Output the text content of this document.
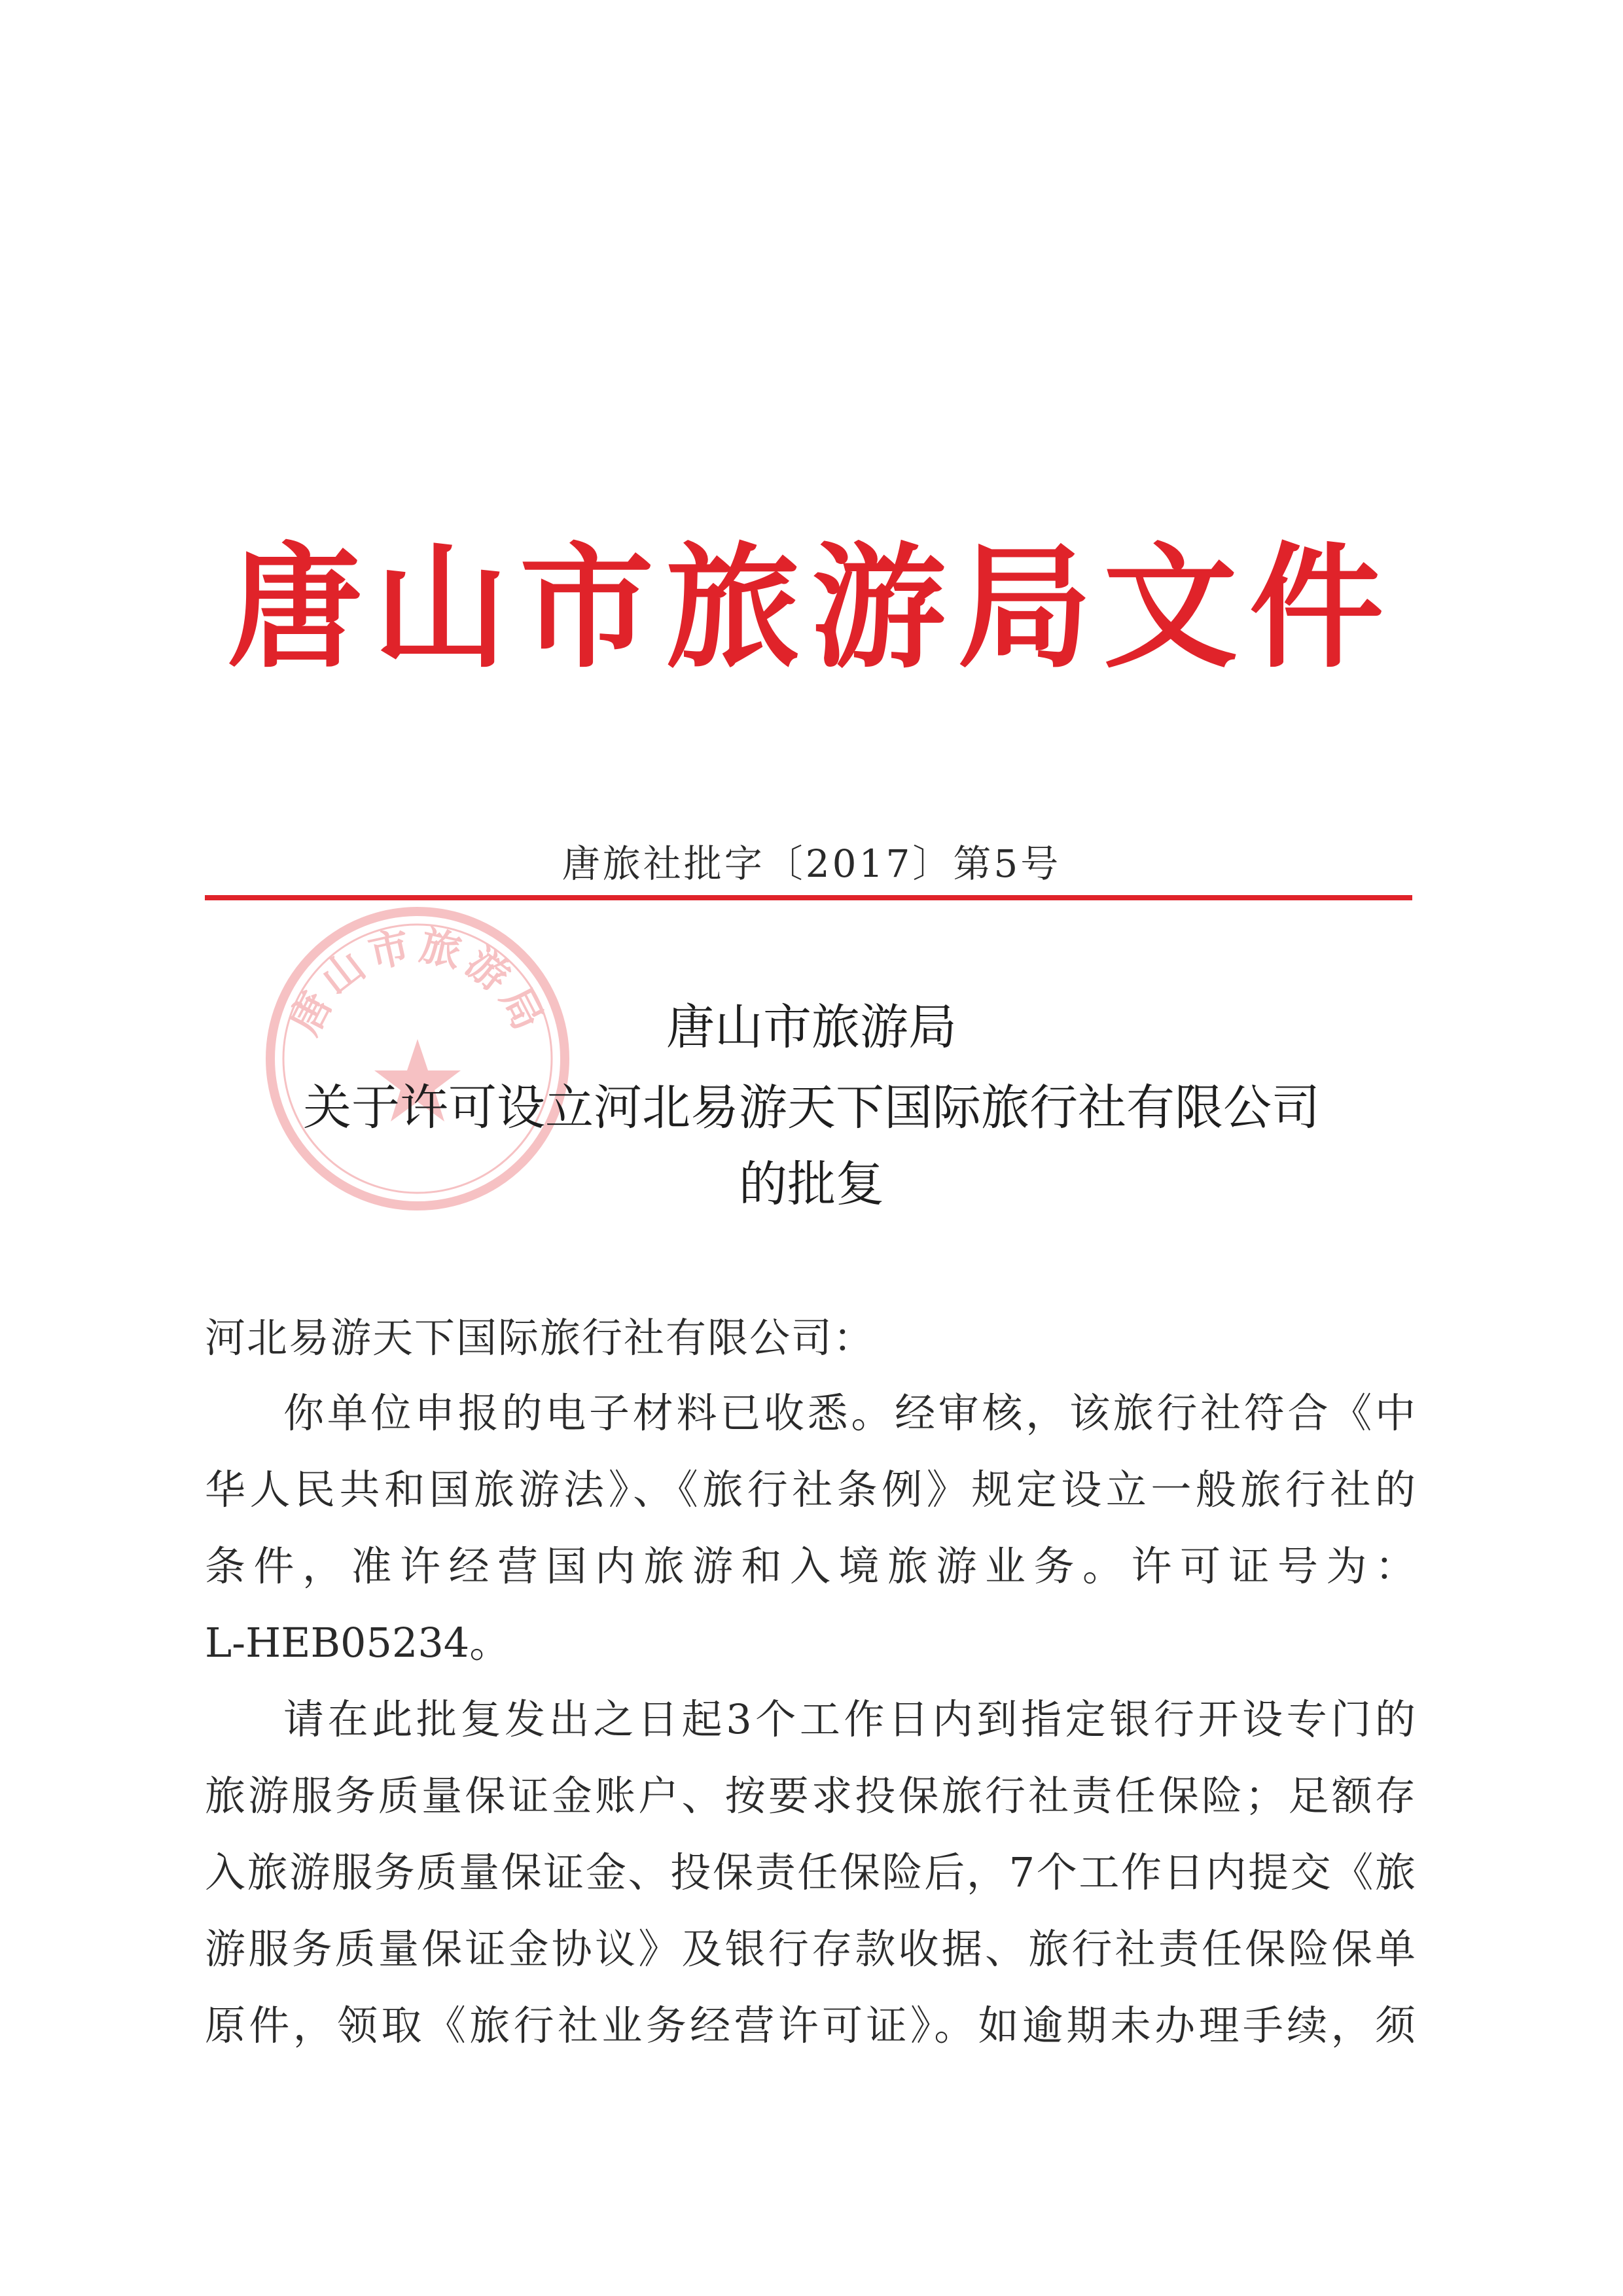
唐山市旅游局文件
唐旅社批字〔2017〕第5号
唐山市旅游局	唐山市旅游局
关于许可设立河北易游天下国际旅行社有限公司
的批复
河北易游天下国际旅行社有限公司：
你单位申报的电子材料已收悉。经审核，该旅行社符合《中
华人民共和国旅游法》、《旅行社条例》规定设立一般旅行社的
条件，准许经营国内旅游和入境旅游业务。许可证号为：
L-HEB05234。
请在此批复发出之日起3个工作日内到指定银行开设专门的
旅游服务质量保证金账户、按要求投保旅行社责任保险；足额存
入旅游服务质量保证金、投保责任保险后，7个工作日内提交《旅
游服务质量保证金协议》及银行存款收据、旅行社责任保险保单
原件，领取《旅行社业务经营许可证》。如逾期未办理手续，须
